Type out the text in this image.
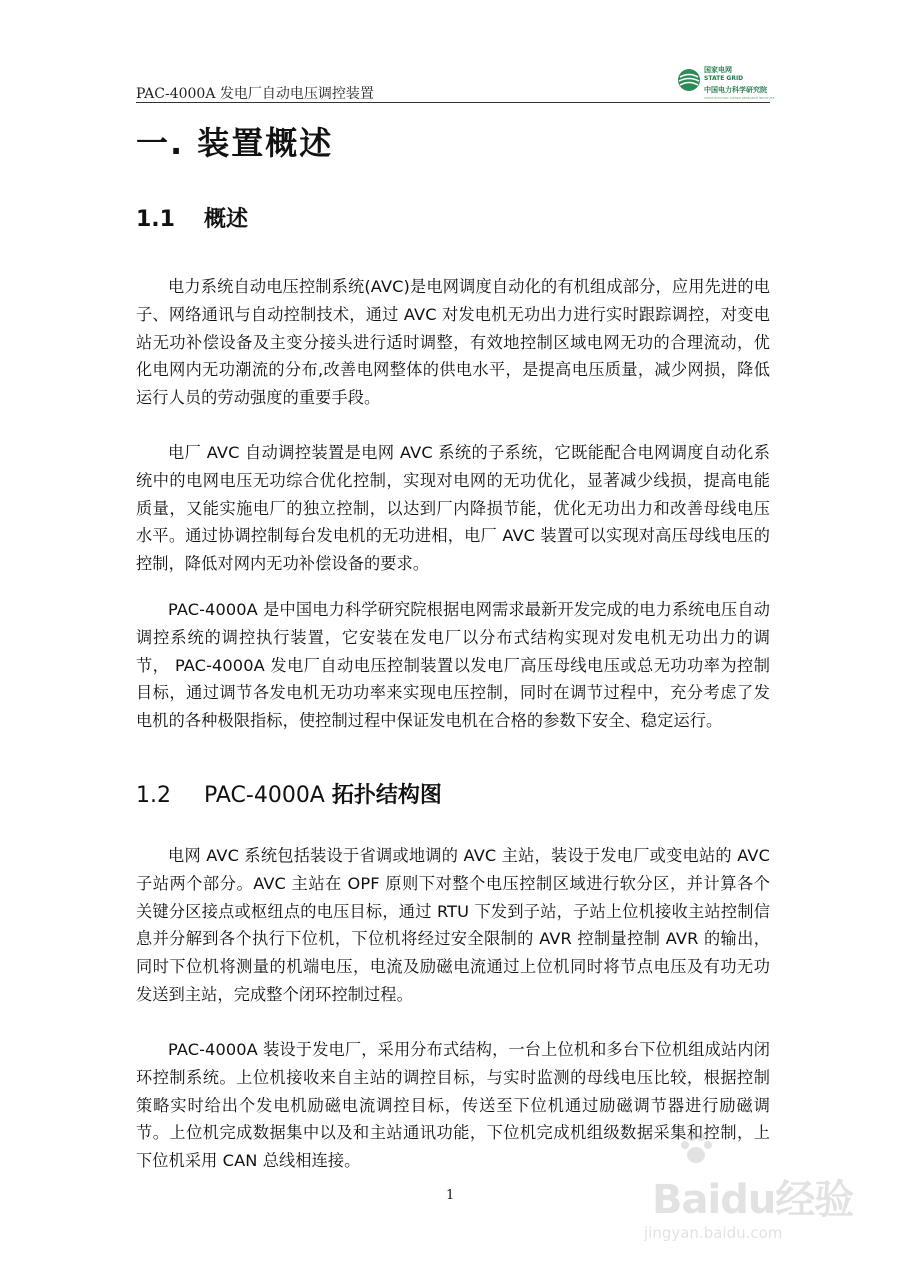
PAC-4000A 发电厂自动电压调控装置
国家电网
STATE GRID
中国电力科学研究院
CHINA ELECTRIC POWER RESEARCH INSTITUTE
一. 装置概述
1.1 概述

电力系统自动电压控制系统(AVC)是电网调度自动化的有机组成部分，应用先进的电子、网络通讯与自动控制技术，通过 AVC 对发电机无功出力进行实时跟踪调控，对变电站无功补偿设备及主变分接头进行适时调整，有效地控制区域电网无功的合理流动，优化电网内无功潮流的分布,改善电网整体的供电水平，是提高电压质量，减少网损，降低运行人员的劳动强度的重要手段。

电厂 AVC 自动调控装置是电网 AVC 系统的子系统，它既能配合电网调度自动化系统中的电网电压无功综合优化控制，实现对电网的无功优化，显著减少线损，提高电能质量，又能实施电厂的独立控制，以达到厂内降损节能，优化无功出力和改善母线电压水平。通过协调控制每台发电机的无功进相，电厂 AVC 装置可以实现对高压母线电压的控制，降低对网内无功补偿设备的要求。

PAC-4000A 是中国电力科学研究院根据电网需求最新开发完成的电力系统电压自动调控系统的调控执行装置，它安装在发电厂以分布式结构实现对发电机无功出力的调节， PAC-4000A 发电厂自动电压控制装置以发电厂高压母线电压或总无功功率为控制目标，通过调节各发电机无功功率来实现电压控制，同时在调节过程中，充分考虑了发电机的各种极限指标，使控制过程中保证发电机在合格的参数下安全、稳定运行。

1.2 PAC-4000A 拓扑结构图

电网 AVC 系统包括装设于省调或地调的 AVC 主站，装设于发电厂或变电站的 AVC 子站两个部分。AVC 主站在 OPF 原则下对整个电压控制区域进行软分区，并计算各个关键分区接点或枢纽点的电压目标，通过 RTU 下发到子站，子站上位机接收主站控制信息并分解到各个执行下位机，下位机将经过安全限制的 AVR 控制量控制 AVR 的输出，同时下位机将测量的机端电压，电流及励磁电流通过上位机同时将节点电压及有功无功发送到主站，完成整个闭环控制过程。

PAC-4000A 装设于发电厂，采用分布式结构，一台上位机和多台下位机组成站内闭环控制系统。上位机接收来自主站的调控目标，与实时监测的母线电压比较，根据控制策略实时给出个发电机励磁电流调控目标，传送至下位机通过励磁调节器进行励磁调节。上位机完成数据集中以及和主站通讯功能，下位机完成机组级数据采集和控制，上下位机采用 CAN 总线相连接。

1	Baidu经验
jingyan.baidu.com
